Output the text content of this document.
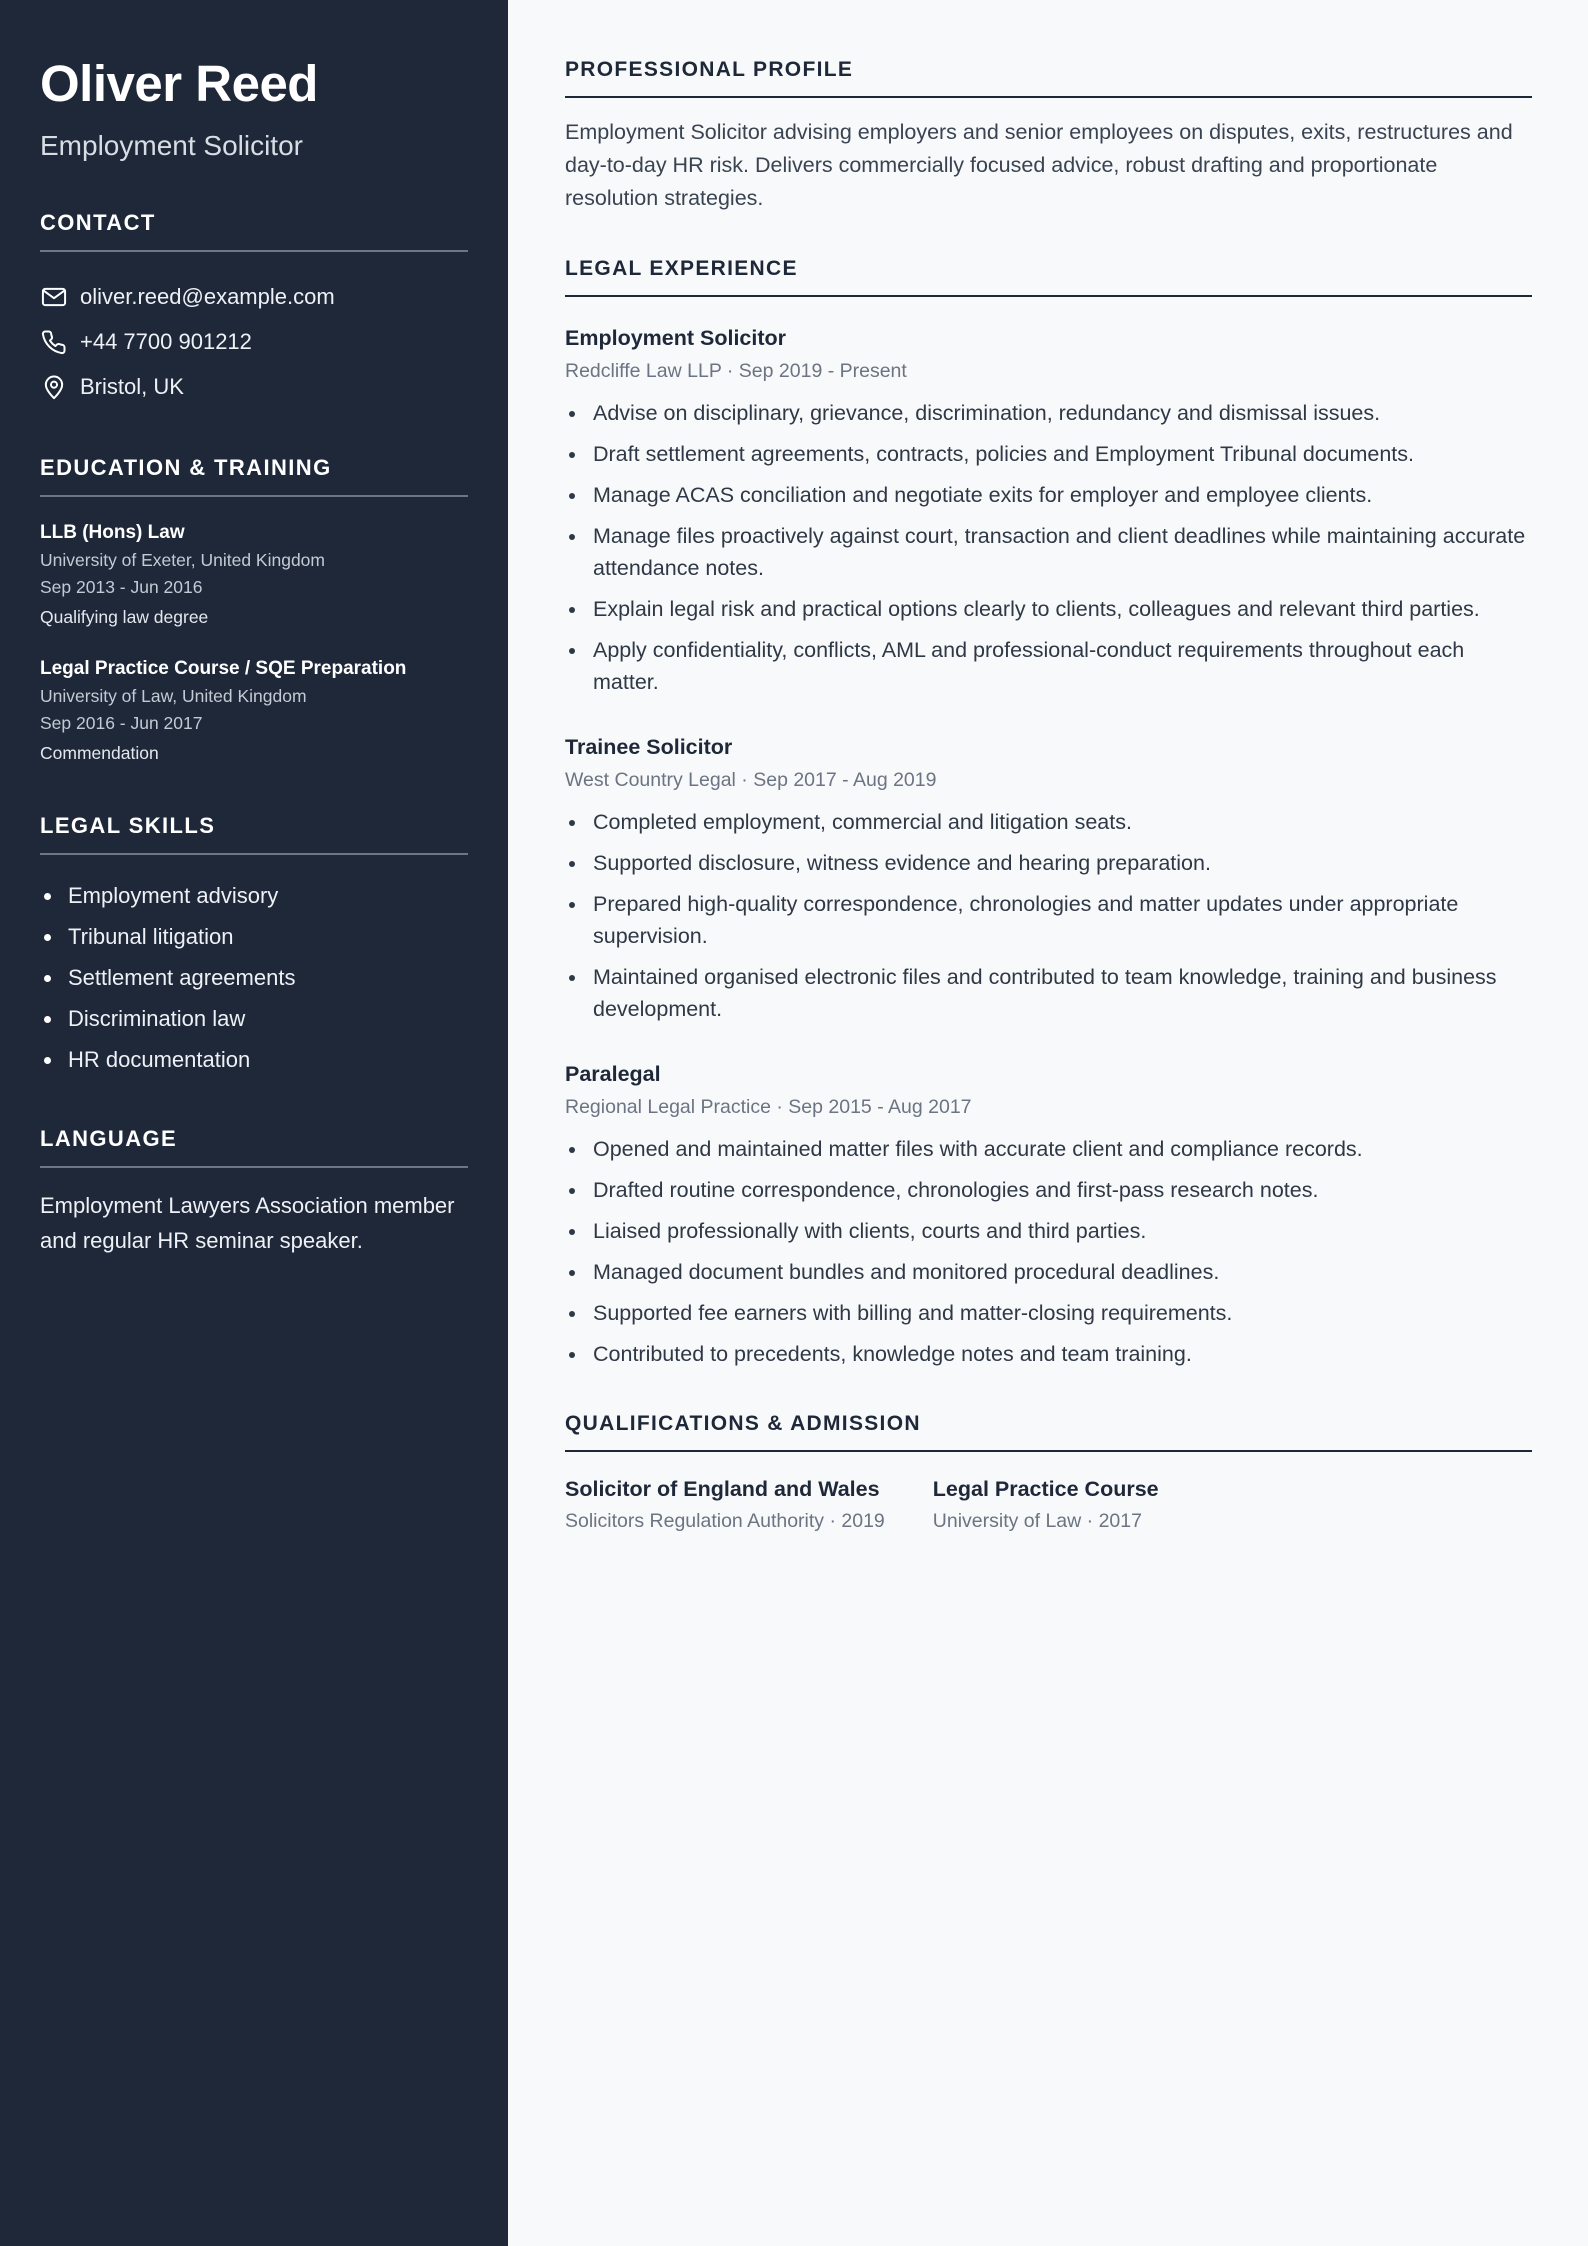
Oliver Reed
Employment Solicitor
CONTACT
oliver.reed@example.com
+44 7700 901212
Bristol, UK
EDUCATION & TRAINING
LLB (Hons) Law
University of Exeter, United Kingdom
Sep 2013 - Jun 2016
Qualifying law degree
Legal Practice Course / SQE Preparation
University of Law, United Kingdom
Sep 2016 - Jun 2017
Commendation
LEGAL SKILLS
Employment advisory
Tribunal litigation
Settlement agreements
Discrimination law
HR documentation
LANGUAGE

Employment Lawyers Association member and regular HR seminar speaker.

PROFESSIONAL PROFILE

Employment Solicitor advising employers and senior employees on disputes, exits, restructures and day-to-day HR risk. Delivers commercially focused advice, robust drafting and proportionate resolution strategies.

LEGAL EXPERIENCE
Employment Solicitor
Redcliffe Law LLP · Sep 2019 - Present
Advise on disciplinary, grievance, discrimination, redundancy and dismissal issues.
Draft settlement agreements, contracts, policies and Employment Tribunal documents.
Manage ACAS conciliation and negotiate exits for employer and employee clients.
Manage files proactively against court, transaction and client deadlines while maintaining accurate attendance notes.
Explain legal risk and practical options clearly to clients, colleagues and relevant third parties.
Apply confidentiality, conflicts, AML and professional-conduct requirements throughout each matter.
Trainee Solicitor
West Country Legal · Sep 2017 - Aug 2019
Completed employment, commercial and litigation seats.
Supported disclosure, witness evidence and hearing preparation.
Prepared high-quality correspondence, chronologies and matter updates under appropriate supervision.
Maintained organised electronic files and contributed to team knowledge, training and business development.
Paralegal
Regional Legal Practice · Sep 2015 - Aug 2017
Opened and maintained matter files with accurate client and compliance records.
Drafted routine correspondence, chronologies and first-pass research notes.
Liaised professionally with clients, courts and third parties.
Managed document bundles and monitored procedural deadlines.
Supported fee earners with billing and matter-closing requirements.
Contributed to precedents, knowledge notes and team training.
QUALIFICATIONS & ADMISSION
Solicitor of England and Wales
Solicitors Regulation Authority · 2019
Legal Practice Course
University of Law · 2017
